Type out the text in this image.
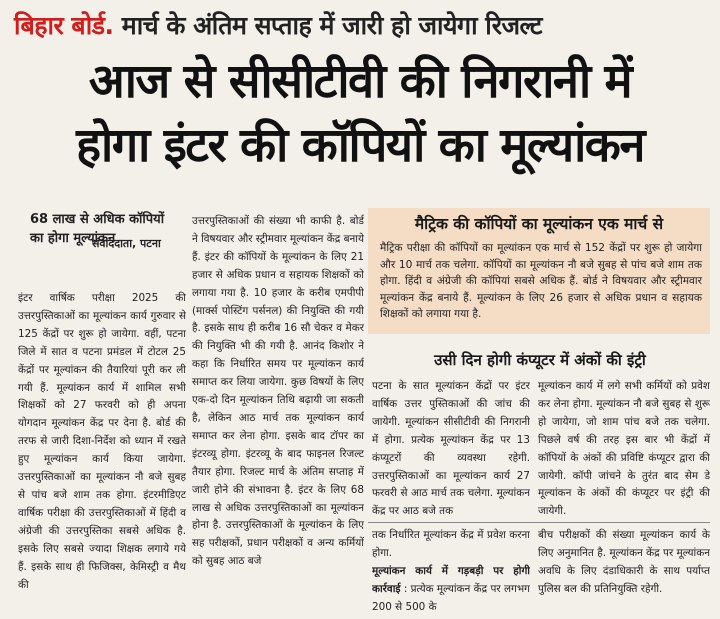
बिहार बोर्ड. मार्च के अंतिम सप्ताह में जारी हो जायेगा रिजल्ट
आज से सीसीटीवी की निगरानी में
होगा इंटर की कॉपियों का मूल्यांकन
68 लाख से अधिक कॉपियों का होगा मूल्यांकन
संवाददाता, पटना
इंटर वार्षिक परीक्षा 2025 की उत्तरपुस्तिकाओं का मूल्यांकन कार्य गुरुवार से 125 केंद्रों पर शुरू हो जायेगा. वहीं, पटना जिले में सात व पटना प्रमंडल में टोटल 25 केंद्रों पर मूल्यांकन की तैयारियां पूरी कर ली गयी हैं. मूल्यांकन कार्य में शामिल सभी शिक्षकों को 27 फरवरी को ही अपना योगदान मूल्यांकन केंद्र पर देना है. बोर्ड की तरफ से जारी दिशा-निर्देश को ध्यान में रखते हुए मूल्यांकन कार्य किया जायेगा. उत्तरपुस्तिकाओं का मूल्यांकन नौ बजे सुबह से पांच बजे शाम तक होगा. इंटरमीडिएट वार्षिक परीक्षा की उत्तरपुस्तिकाओं में हिंदी व अंग्रेजी की उत्तरपुस्तिका सबसे अधिक है. इसके लिए सबसे ज्यादा शिक्षक लगाये गये हैं. इसके साथ ही फिजिक्स, केमिस्ट्री व मैथ की
उत्तरपुस्तिकाओं की संख्या भी काफी है. बोर्ड ने विषयवार और स्ट्रीमवार मूल्यांकन केंद्र बनाये हैं. इंटर की कॉपियों के मूल्यांकन के लिए 21 हजार से अधिक प्रधान व सहायक शिक्षकों को लगाया गया है. 10 हजार के करीब एमपीपी (मार्क्स पोस्टिंग पर्सनल) की नियुक्ति की गयी है. इसके साथ ही करीब 16 सौ चेकर व मेकर की नियुक्ति भी की गयी है. आनंद किशोर ने कहा कि निर्धारित समय पर मूल्यांकन कार्य समाप्त कर लिया जायेगा. कुछ विषयों के लिए एक-दो दिन मूल्यांकन तिथि बढ़ायी जा सकती है, लेकिन आठ मार्च तक मूल्यांकन कार्य समाप्त कर लेना होगा. इसके बाद टॉपर का इंटरव्यू होगा. इंटरव्यू के बाद फाइनल रिजल्ट तैयार होगा. रिजल्ट मार्च के अंतिम सप्ताह में जारी होने की संभावना है. इंटर के लिए 68 लाख से अधिक उत्तरपुस्तिकाओं का मूल्यांकन होना है. उत्तरपुस्तिकाओं के मूल्यांकन के लिए सह परीक्षकों, प्रधान परीक्षकों व अन्य कर्मियों को सुबह आठ बजे
मैट्रिक की कॉपियों का मूल्यांकन एक मार्च से
मैट्रिक परीक्षा की कॉपियों का मूल्यांकन एक मार्च से 152 केंद्रों पर शुरू हो जायेगा और 10 मार्च तक चलेगा. कॉपियों का मूल्यांकन नौ बजे सुबह से पांच बजे शाम तक होगा. हिंदी व अंग्रेजी की कॉपियां सबसे अधिक हैं. बोर्ड ने विषयवार और स्ट्रीमवार मूल्यांकन केंद्र बनाये हैं. मूल्यांकन के लिए 26 हजार से अधिक प्रधान व सहायक शिक्षकों को लगाया गया है.
उसी दिन होगी कंप्यूटर में अंकों की इंट्री
पटना के सात मूल्यांकन केंद्रों पर इंटर वार्षिक उत्तर पुस्तिकाओं की जांच की जायेगी. मूल्यांकन सीसीटीवी की निगरानी में होगा. प्रत्येक मूल्यांकन केंद्र पर 13 कंप्यूटरों की व्यवस्था रहेगी. उत्तरपुस्तिकाओं का मूल्यांकन कार्य 27 फरवरी से आठ मार्च तक चलेगा. मूल्यांकन केंद्र पर आठ बजे तक
मूल्यांकन कार्य में लगे सभी कर्मियों को प्रवेश कर लेना होगा. मूल्यांकन नौ बजे सुबह से शुरू हो जायेगा, जो शाम पांच बजे तक चलेगा. पिछले वर्ष की तरह इस बार भी केंद्रों में कॉपियों के अंकों की प्रविष्टि कंप्यूटर द्वारा की जायेगी. कॉपी जांचने के तुरंत बाद सेम डे मूल्यांकन के अंकों की कंप्यूटर पर इंट्री की जायेगी.
तक निर्धारित मूल्यांकन केंद्र में प्रवेश करना होगा.
मूल्यांकन कार्य में गड़बड़ी पर होगी कार्रवाई : प्रत्येक मूल्यांकन केंद्र पर लगभग 200 से 500 के
बीच परीक्षकों की संख्या मूल्यांकन कार्य के लिए अनुमानित है. मूल्यांकन केंद्र पर मूल्यांकन अवधि के लिए दंडाधिकारी के साथ पर्याप्त पुलिस बल की प्रतिनियुक्ति रहेगी.
